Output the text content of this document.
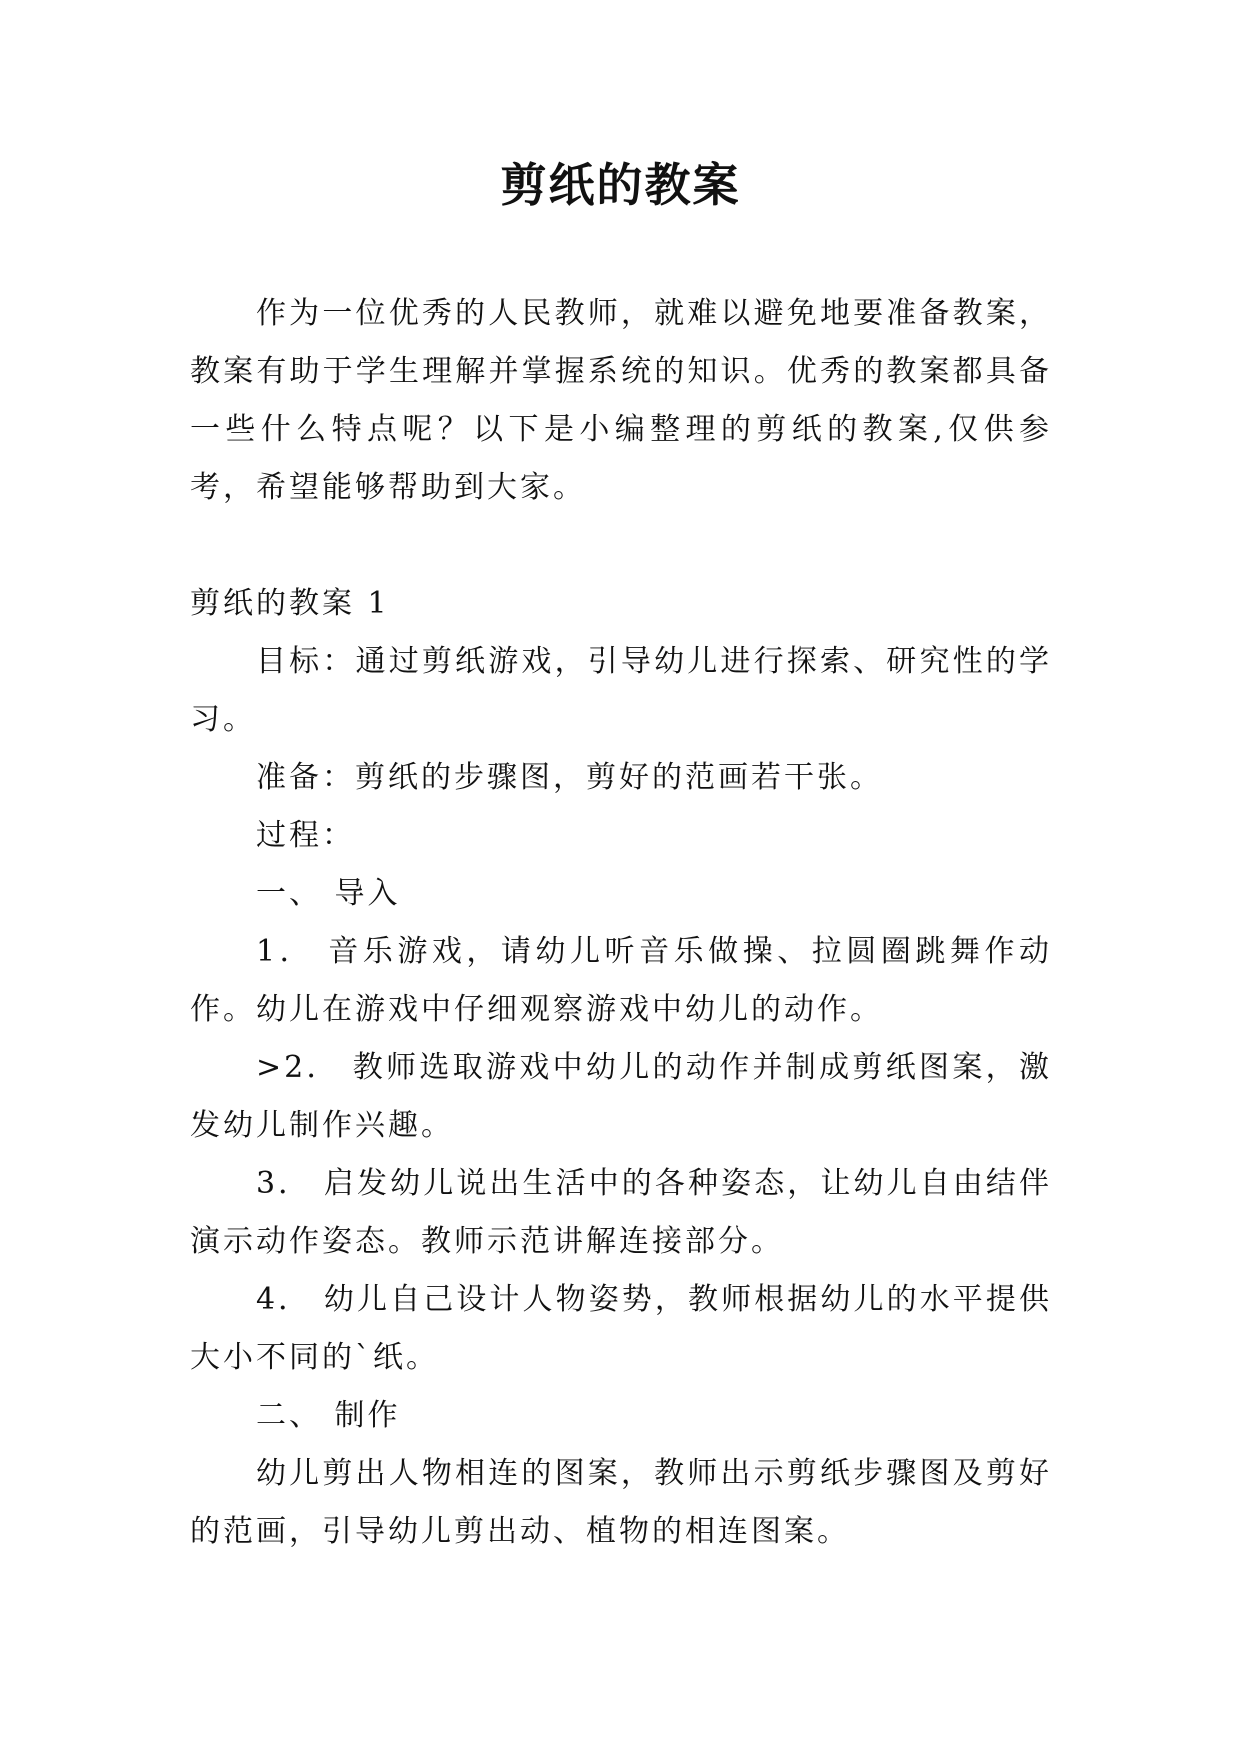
剪纸的教案

作为一位优秀的人民教师，就难以避免地要准备教案，教案有助于学生理解并掌握系统的知识。优秀的教案都具备一些什么特点呢？以下是小编整理的剪纸的教案,仅供参考，希望能够帮助到大家。

剪纸的教案 1

目标：通过剪纸游戏，引导幼儿进行探索、研究性的学习。

准备：剪纸的步骤图，剪好的范画若干张。

过程：

一、 导入

1． 音乐游戏，请幼儿听音乐做操、拉圆圈跳舞作动作。幼儿在游戏中仔细观察游戏中幼儿的动作。

>2． 教师选取游戏中幼儿的动作并制成剪纸图案，激发幼儿制作兴趣。

3． 启发幼儿说出生活中的各种姿态，让幼儿自由结伴演示动作姿态。教师示范讲解连接部分。

4． 幼儿自己设计人物姿势，教师根据幼儿的水平提供大小不同的`纸。

二、 制作

幼儿剪出人物相连的图案，教师出示剪纸步骤图及剪好的范画，引导幼儿剪出动、植物的相连图案。
